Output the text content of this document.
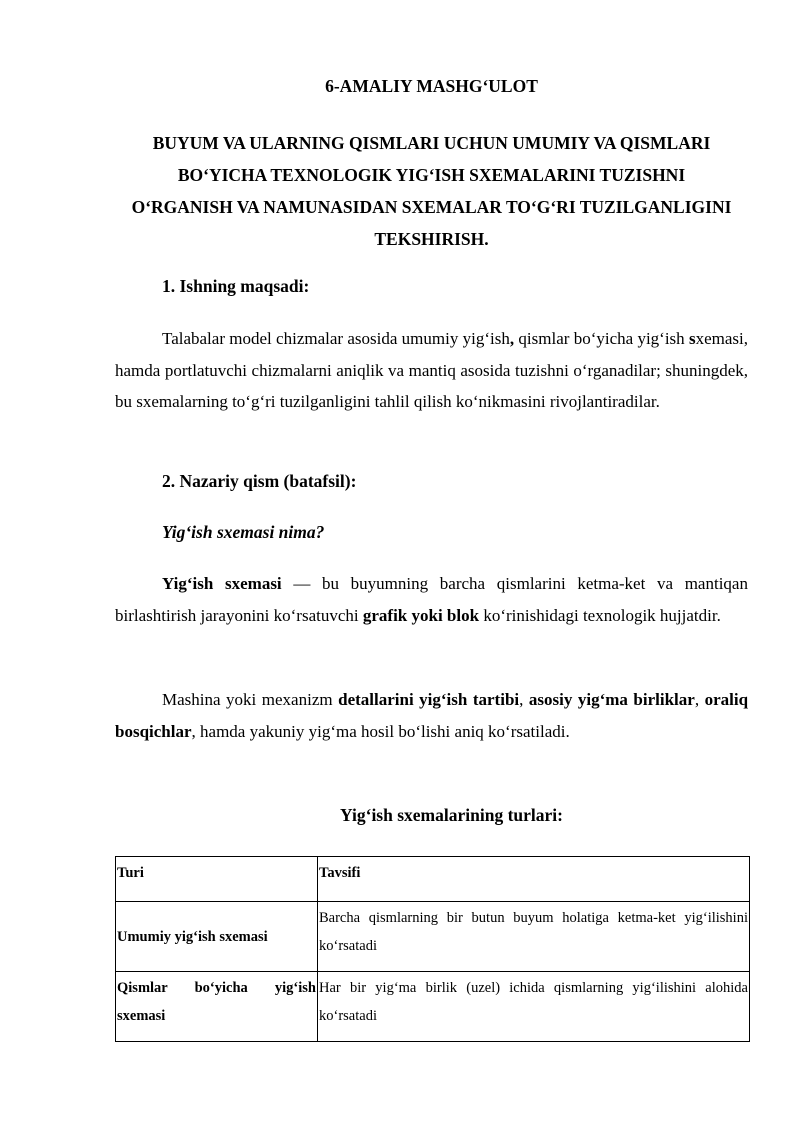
6-AMALIY MASHG‘ULOT
BUYUM VA ULARNING QISMLARI UCHUN UMUMIY VA QISMLARI BO‘YICHA TEXNOLOGIK YIG‘ISH SXEMALARINI TUZISHNI O‘RGANISH VA NAMUNASIDAN SXEMALAR TO‘G‘RI TUZILGANLIGINI TEKSHIRISH.
1. Ishning maqsadi:
Talabalar model chizmalar asosida umumiy yig‘ish, qismlar bo‘yicha yig‘ish sxemasi, hamda portlatuvchi chizmalarni aniqlik va mantiq asosida tuzishni o‘rganadilar; shuningdek, bu sxemalarning to‘g‘ri tuzilganligini tahlil qilish ko‘nikmasini rivojlantiradilar.
2. Nazariy qism (batafsil):
Yig‘ish sxemasi nima?
Yig‘ish sxemasi — bu buyumning barcha qismlarini ketma-ket va mantiqan birlashtirish jarayonini ko‘rsatuvchi grafik yoki blok ko‘rinishidagi texnologik hujjatdir.
Mashina yoki mexanizm detallarini yig‘ish tartibi, asosiy yig‘ma birliklar, oraliq bosqichlar, hamda yakuniy yig‘ma hosil bo‘lishi aniq ko‘rsatiladi.
Yig‘ish sxemalarining turlari:
Turi	Tavsifi
Umumiy yig‘ish sxemasi	Barcha qismlarning bir butun buyum holatiga ketma-ket yig‘ilishini ko‘rsatadi
Qismlar bo‘yicha yig‘ish sxemasi	Har bir yig‘ma birlik (uzel) ichida qismlarning yig‘ilishini alohida ko‘rsatadi
